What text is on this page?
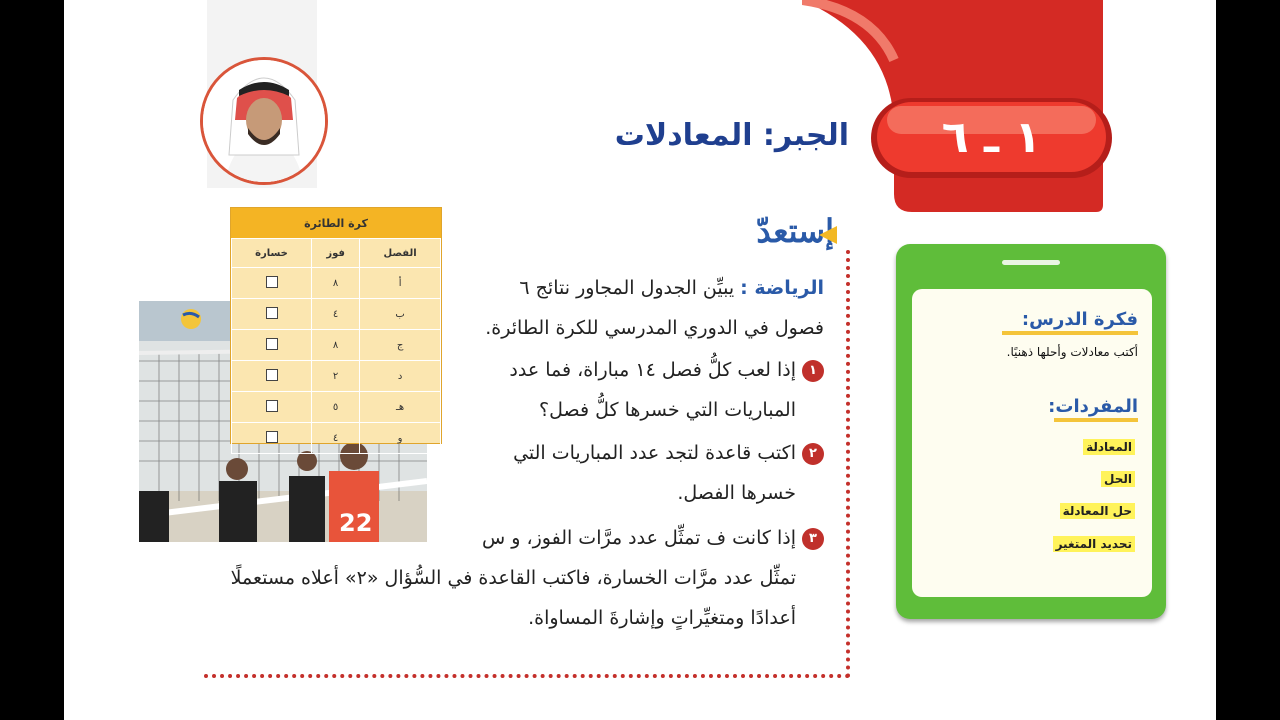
١ ـ ٦
الجبر: المعادلات
22
كرة الطائرة
الفصل	فوز	خسارة
أ	٨	
ب	٤	
ج	٨	
د	٢	
هـ	٥	
و	٤	
إستعدّ
الرياضة : يبيِّن الجدول المجاور نتائج ٦
فصول في الدوري المدرسي للكرة الطائرة.
١إذا لعب كلُّ فصل ١٤ مباراة، فما عدد
المباريات التي خسرها كلُّ فصل؟
٢اكتب قاعدة لتجد عدد المباريات التي
خسرها الفصل.
٣إذا كانت ف تمثِّل عدد مرَّات الفوز، و س
تمثِّل عدد مرَّات الخسارة، فاكتب القاعدة في السُّؤال «٢» أعلاه مستعملًا
أعدادًا ومتغيِّراتٍ وإشارةَ المساواة.
فكرة الدرس:
أكتب معادلات وأحلها ذهنيًا.
المفردات:
المعادلة
الحل
حل المعادلة
تحديد المتغير
